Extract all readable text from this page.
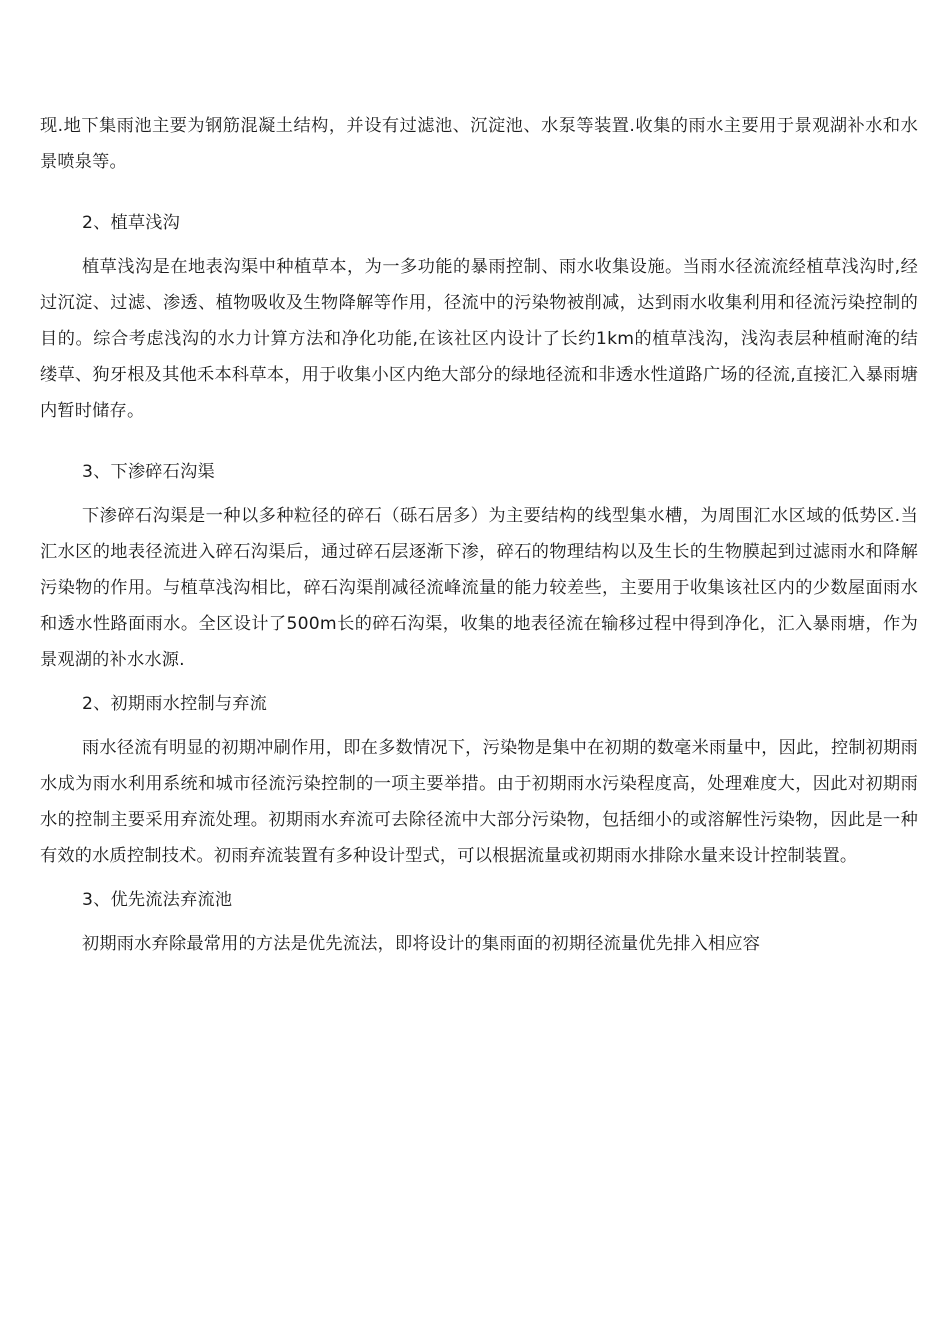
现.地下集雨池主要为钢筋混凝土结构，并设有过滤池、沉淀池、水泵等装置.收集的雨水主要用于景观湖补水和水景喷泉等。

2、植草浅沟

植草浅沟是在地表沟渠中种植草本，为一多功能的暴雨控制、雨水收集设施。当雨水径流流经植草浅沟时,经过沉淀、过滤、渗透、植物吸收及生物降解等作用，径流中的污染物被削减，达到雨水收集利用和径流污染控制的目的。综合考虑浅沟的水力计算方法和净化功能,在该社区内设计了长约1km的植草浅沟，浅沟表层种植耐淹的结缕草、狗牙根及其他禾本科草本，用于收集小区内绝大部分的绿地径流和非透水性道路广场的径流,直接汇入暴雨塘内暂时储存。

3、下渗碎石沟渠

下渗碎石沟渠是一种以多种粒径的碎石（砾石居多）为主要结构的线型集水槽，为周围汇水区域的低势区.当汇水区的地表径流进入碎石沟渠后，通过碎石层逐渐下渗，碎石的物理结构以及生长的生物膜起到过滤雨水和降解污染物的作用。与植草浅沟相比，碎石沟渠削减径流峰流量的能力较差些，主要用于收集该社区内的少数屋面雨水和透水性路面雨水。全区设计了500m长的碎石沟渠，收集的地表径流在输移过程中得到净化，汇入暴雨塘，作为景观湖的补水水源.

2、初期雨水控制与弃流

雨水径流有明显的初期冲刷作用，即在多数情况下，污染物是集中在初期的数毫米雨量中，因此，控制初期雨水成为雨水利用系统和城市径流污染控制的一项主要举措。由于初期雨水污染程度高，处理难度大，因此对初期雨水的控制主要采用弃流处理。初期雨水弃流可去除径流中大部分污染物，包括细小的或溶解性污染物，因此是一种有效的水质控制技术。初雨弃流装置有多种设计型式，可以根据流量或初期雨水排除水量来设计控制装置。

3、优先流法弃流池

初期雨水弃除最常用的方法是优先流法，即将设计的集雨面的初期径流量优先排入相应容
